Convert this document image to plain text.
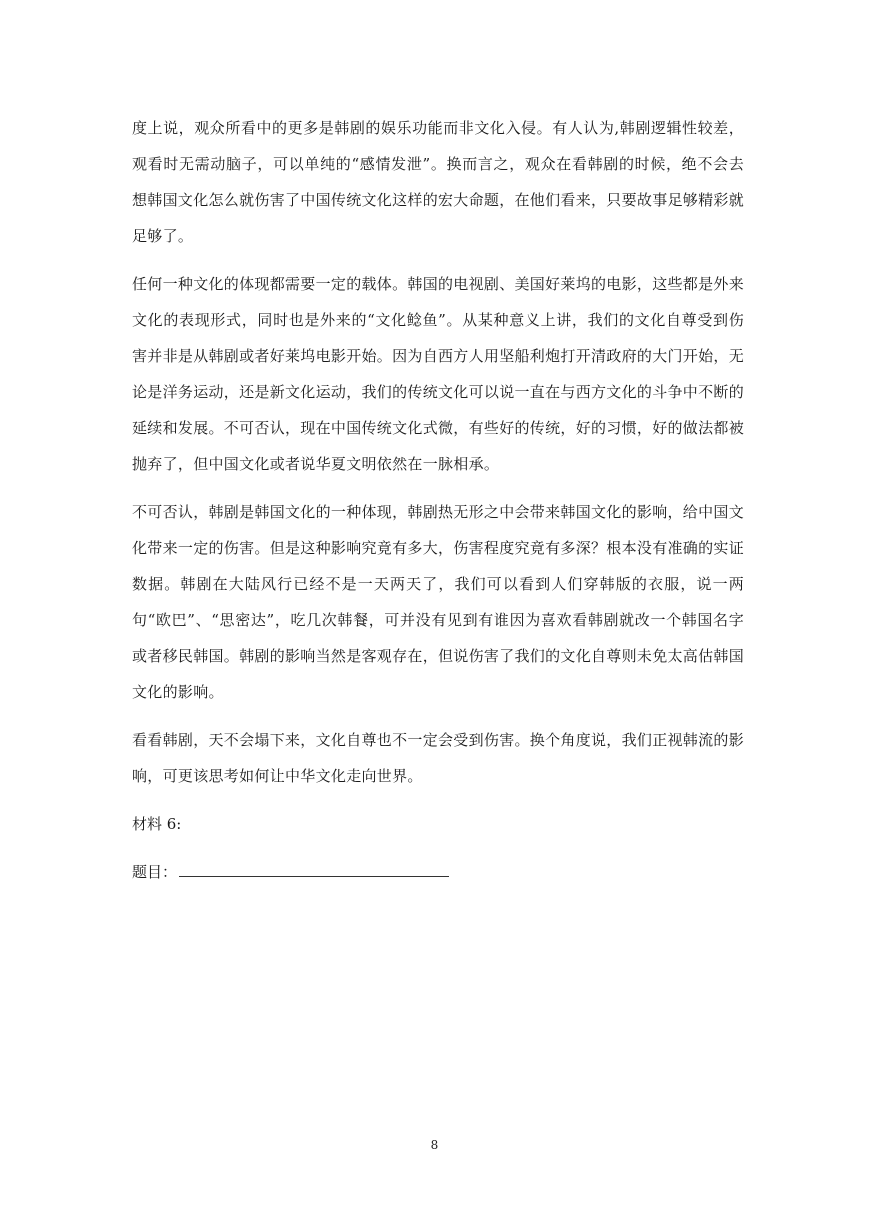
度上说，观众所看中的更多是韩剧的娱乐功能而非文化入侵。有人认为,韩剧逻辑性较差，观看时无需动脑子，可以单纯的“感情发泄”。换而言之，观众在看韩剧的时候，绝不会去想韩国文化怎么就伤害了中国传统文化这样的宏大命题，在他们看来，只要故事足够精彩就足够了。

任何一种文化的体现都需要一定的载体。韩国的电视剧、美国好莱坞的电影，这些都是外来文化的表现形式，同时也是外来的“文化鲶鱼”。从某种意义上讲，我们的文化自尊受到伤害并非是从韩剧或者好莱坞电影开始。因为自西方人用坚船利炮打开清政府的大门开始，无论是洋务运动，还是新文化运动，我们的传统文化可以说一直在与西方文化的斗争中不断的延续和发展。不可否认，现在中国传统文化式微，有些好的传统，好的习惯，好的做法都被抛弃了，但中国文化或者说华夏文明依然在一脉相承。

不可否认，韩剧是韩国文化的一种体现，韩剧热无形之中会带来韩国文化的影响，给中国文化带来一定的伤害。但是这种影响究竟有多大，伤害程度究竟有多深？根本没有准确的实证数据。韩剧在大陆风行已经不是一天两天了，我们可以看到人们穿韩版的衣服，说一两句“欧巴”、“思密达”，吃几次韩餐，可并没有见到有谁因为喜欢看韩剧就改一个韩国名字或者移民韩国。韩剧的影响当然是客观存在，但说伤害了我们的文化自尊则未免太高估韩国文化的影响。

看看韩剧，天不会塌下来，文化自尊也不一定会受到伤害。换个角度说，我们正视韩流的影响，可更该思考如何让中华文化走向世界。

材料 6:
题目：
8
